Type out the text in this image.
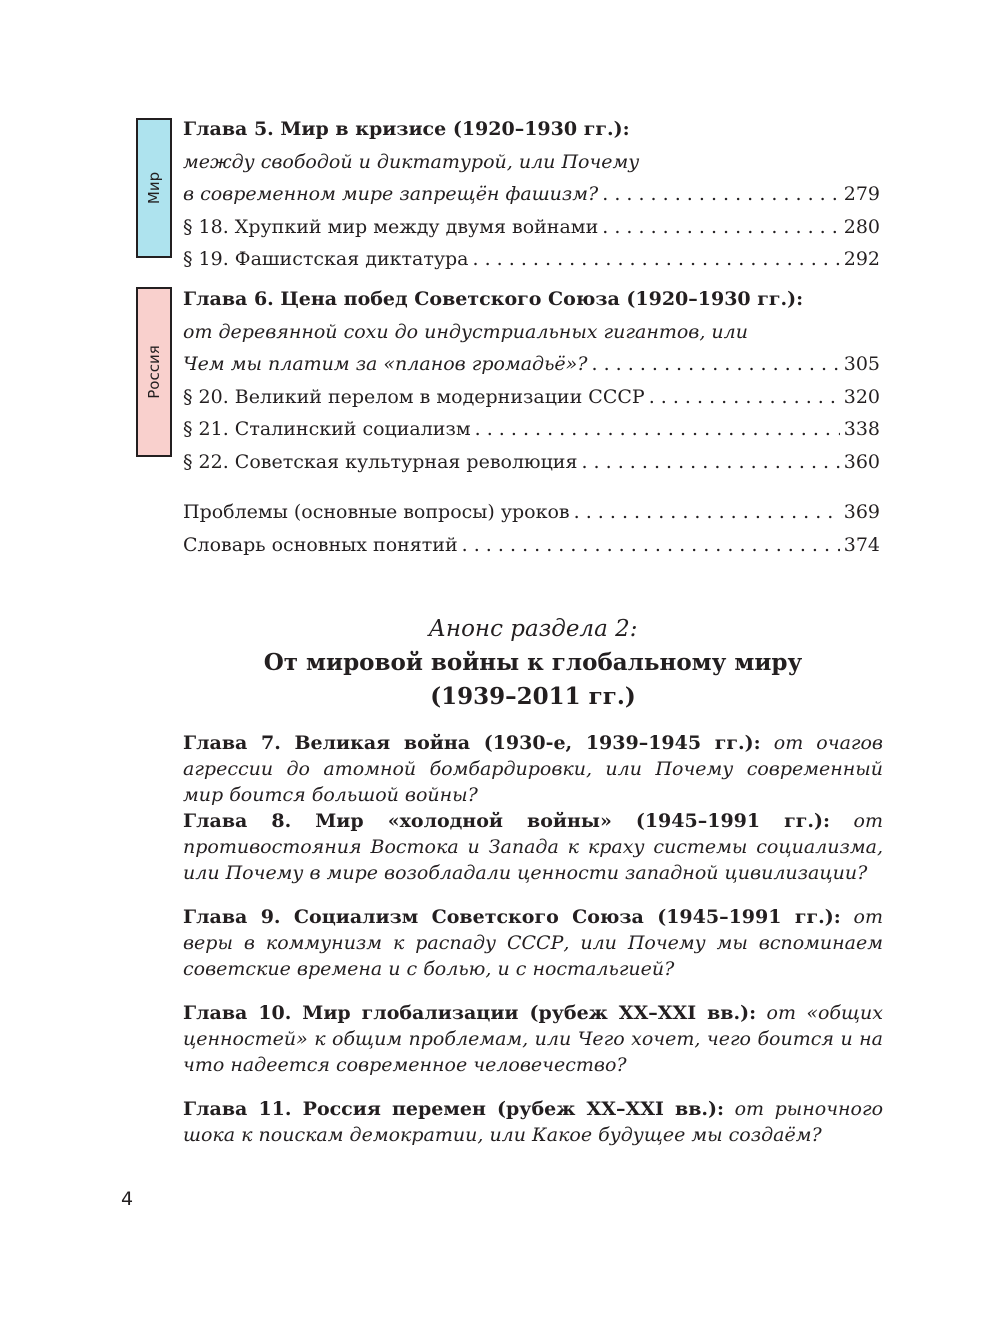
Мир
Россия
Глава 5. Мир в кризисе (1920–1930 гг.):
между свободой и диктатурой, или Почему
в современном мире запрещён фашизм? . . .	279
§ 18. Хрупкий мир между двумя войнами . . .	280
§ 19. Фашистская диктатура . . .	292
Глава 6. Цена побед Советского Союза (1920–1930 гг.):
от деревянной сохи до индустриальных гигантов, или
Чем мы платим за «планов громадьё»? . . .	305
§ 20. Великий перелом в модернизации СССР . . .	320
§ 21. Сталинский социализм . . .	338
§ 22. Советская культурная революция . . .	360
Проблемы (основные вопросы) уроков . . .	369
Словарь основных понятий . . .	374
Анонс раздела 2:
От мировой войны к глобальному миру
(1939–2011 гг.)
Глава 7. Великая война (1930-е, 1939–1945 гг.): от очагов агрессии до атомной бомбардировки, или Почему современный мир боится большой войны?
Глава 8. Мир «холодной войны» (1945–1991 гг.): от противостояния Востока и Запада к краху системы социализма, или Почему в мире возобладали ценности западной цивилизации?
Глава 9. Социализм Советского Союза (1945–1991 гг.): от веры в коммунизм к распаду СССР, или Почему мы вспоминаем советские времена и с болью, и с ностальгией?
Глава 10. Мир глобализации (рубеж XX–XXI вв.): от «общих ценностей» к общим проблемам, или Чего хочет, чего боится и на что надеется современное человечество?
Глава 11. Россия перемен (рубеж XX–XXI вв.): от рыночного шока к поискам демократии, или Какое будущее мы создаём?
4
